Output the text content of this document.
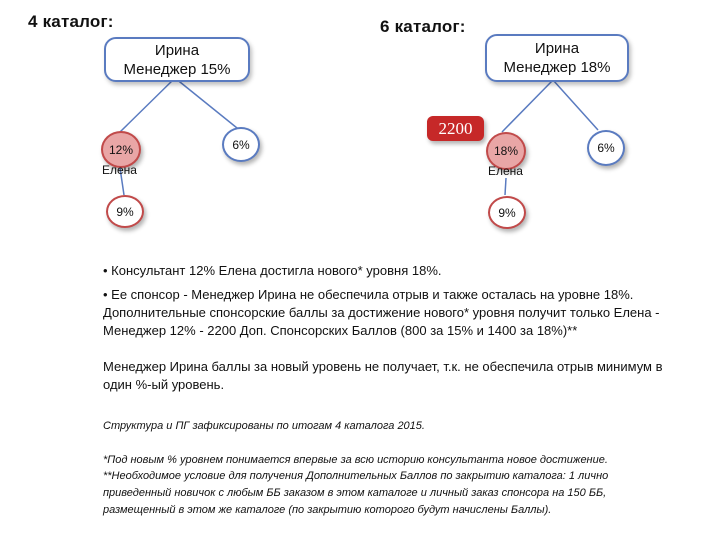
4 каталог:
Ирина
Менеджер 15%
12%
Елена
6%
9%
6 каталог:
Ирина
Менеджер 18%
2200
18%
Елена
6%
9%
• Консультант 12% Елена достигла нового* уровня 18%.
• Ее спонсор - Менеджер Ирина не обеспечила отрыв и также осталась на уровне 18%.
Дополнительные спонсорские баллы за достижение нового* уровня получит только Елена - Менеджер 12% - 2200 Доп. Спонсорских Баллов (800 за 15% и 1400 за 18%)**
Менеджер Ирина баллы за новый уровень не получает, т.к. не обеспечила отрыв минимум в один %-ый уровень.
Структура и ПГ зафиксированы по итогам 4 каталога 2015.
*Под новым % уровнем понимается впервые за всю историю консультанта новое достижение.
**Необходимое условие для получения Дополнительных Баллов по закрытию каталога: 1 лично приведенный новичок с любым ББ заказом в этом каталоге и личный заказ спонсора на 150 ББ, размещенный в этом же каталоге (по закрытию которого будут начислены Баллы).
